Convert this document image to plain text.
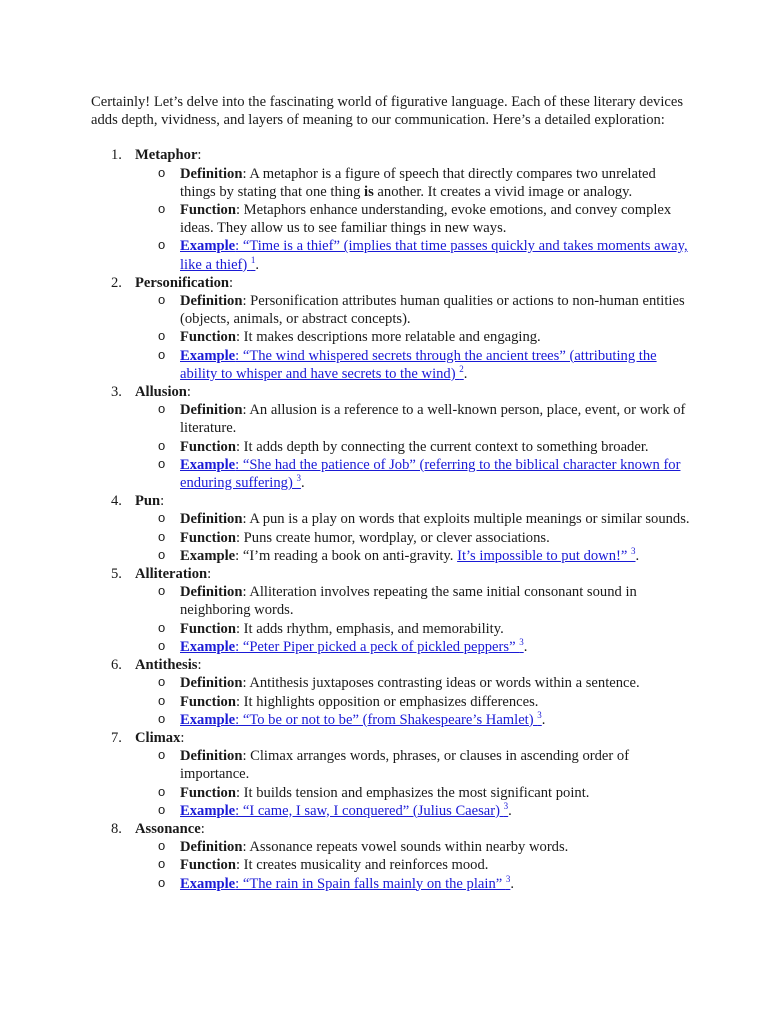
Certainly! Let’s delve into the fascinating world of figurative language. Each of these literary devices adds depth, vividness, and layers of meaning to our communication. Here’s a detailed exploration:

1. Metaphor:
o Definition: A metaphor is a figure of speech that directly compares two unrelated things by stating that one thing is another. It creates a vivid image or analogy.
o Function: Metaphors enhance understanding, evoke emotions, and convey complex ideas. They allow us to see familiar things in new ways.
o Example: “Time is a thief” (implies that time passes quickly and takes moments away, like a thief) $^1$.
2. Personification:
o Definition: Personification attributes human qualities or actions to non-human entities (objects, animals, or abstract concepts).
o Function: It makes descriptions more relatable and engaging.
o Example: “The wind whispered secrets through the ancient trees” (attributing the ability to whisper and have secrets to the wind) $^2$.
3. Allusion:
o Definition: An allusion is a reference to a well-known person, place, event, or work of literature.
o Function: It adds depth by connecting the current context to something broader.
o Example: “She had the patience of Job” (referring to the biblical character known for enduring suffering) $^3$.
4. Pun:
o Definition: A pun is a play on words that exploits multiple meanings or similar sounds.
o Function: Puns create humor, wordplay, or clever associations.
o Example: “I’m reading a book on anti-gravity. It’s impossible to put down!” $^3$.
5. Alliteration:
o Definition: Alliteration involves repeating the same initial consonant sound in neighboring words.
o Function: It adds rhythm, emphasis, and memorability.
o Example: “Peter Piper picked a peck of pickled peppers” $^3$.
6. Antithesis:
o Definition: Antithesis juxtaposes contrasting ideas or words within a sentence.
o Function: It highlights opposition or emphasizes differences.
o Example: “To be or not to be” (from Shakespeare’s Hamlet) $^3$.
7. Climax:
o Definition: Climax arranges words, phrases, or clauses in ascending order of importance.
o Function: It builds tension and emphasizes the most significant point.
o Example: “I came, I saw, I conquered” (Julius Caesar) $^3$.
8. Assonance:
o Definition: Assonance repeats vowel sounds within nearby words.
o Function: It creates musicality and reinforces mood.
o Example: “The rain in Spain falls mainly on the plain” $^3$.
